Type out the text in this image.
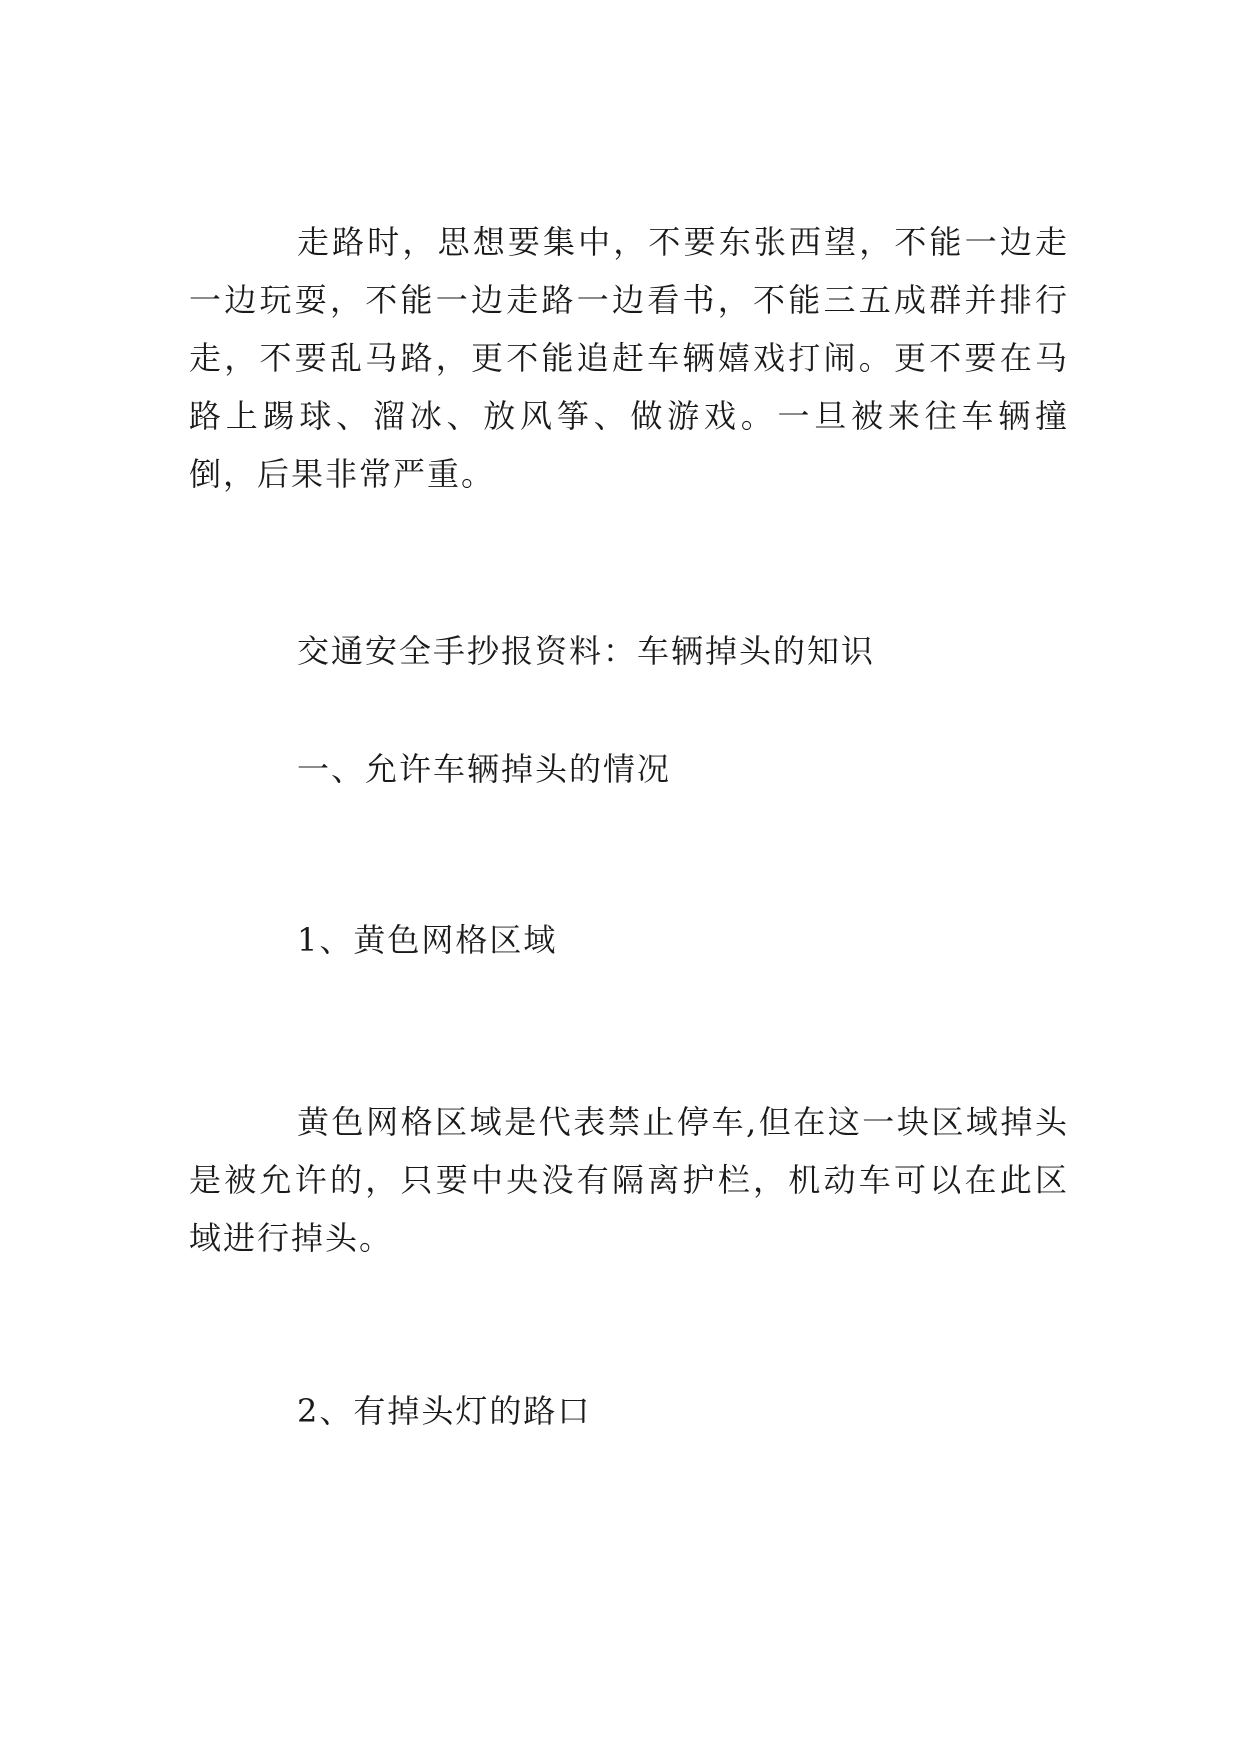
走路时，思想要集中，不要东张西望，不能一边走一边玩耍，不能一边走路一边看书，不能三五成群并排行走，不要乱马路，更不能追赶车辆嬉戏打闹。更不要在马路上踢球、溜冰、放风筝、做游戏。一旦被来往车辆撞倒，后果非常严重。

交通安全手抄报资料：车辆掉头的知识
一、允许车辆掉头的情况
1、黄色网格区域

黄色网格区域是代表禁止停车,但在这一块区域掉头是被允许的，只要中央没有隔离护栏，机动车可以在此区域进行掉头。

2、有掉头灯的路口
